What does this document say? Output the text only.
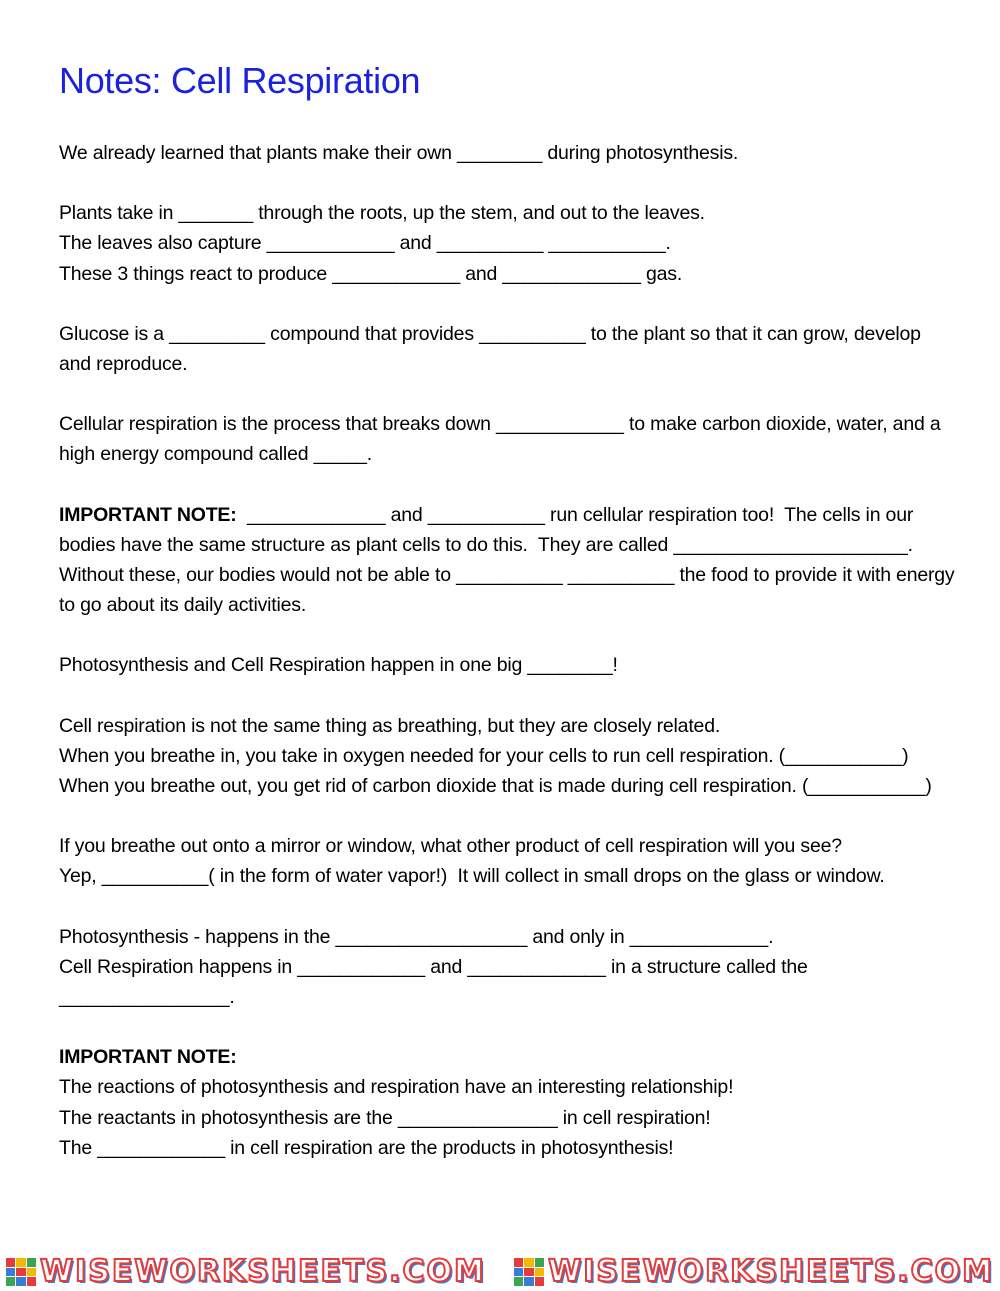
Notes: Cell Respiration
We already learned that plants make their own ________ during photosynthesis.
Plants take in _______ through the roots, up the stem, and out to the leaves.
The leaves also capture ____________ and __________ ___________.
These 3 things react to produce ____________ and _____________ gas.
Glucose is a _________ compound that provides __________ to the plant so that it can grow, develop
and reproduce.
Cellular respiration is the process that breaks down ____________ to make carbon dioxide, water, and a
high energy compound called _____.
IMPORTANT NOTE:  _____________ and ___________ run cellular respiration too!  The cells in our
bodies have the same structure as plant cells to do this.  They are called ______________________.
Without these, our bodies would not be able to __________ __________ the food to provide it with energy
to go about its daily activities.
Photosynthesis and Cell Respiration happen in one big ________!
Cell respiration is not the same thing as breathing, but they are closely related.
When you breathe in, you take in oxygen needed for your cells to run cell respiration. (___________)
When you breathe out, you get rid of carbon dioxide that is made during cell respiration. (___________)
If you breathe out onto a mirror or window, what other product of cell respiration will you see?
Yep, __________( in the form of water vapor!)  It will collect in small drops on the glass or window.
Photosynthesis - happens in the __________________ and only in _____________.
Cell Respiration happens in ____________ and _____________ in a structure called the
________________.
IMPORTANT NOTE:
The reactions of photosynthesis and respiration have an interesting relationship!
The reactants in photosynthesis are the _______________ in cell respiration!
The ____________ in cell respiration are the products in photosynthesis!
WISEWORKSHEETS.COM WISEWORKSHEETS.COM
